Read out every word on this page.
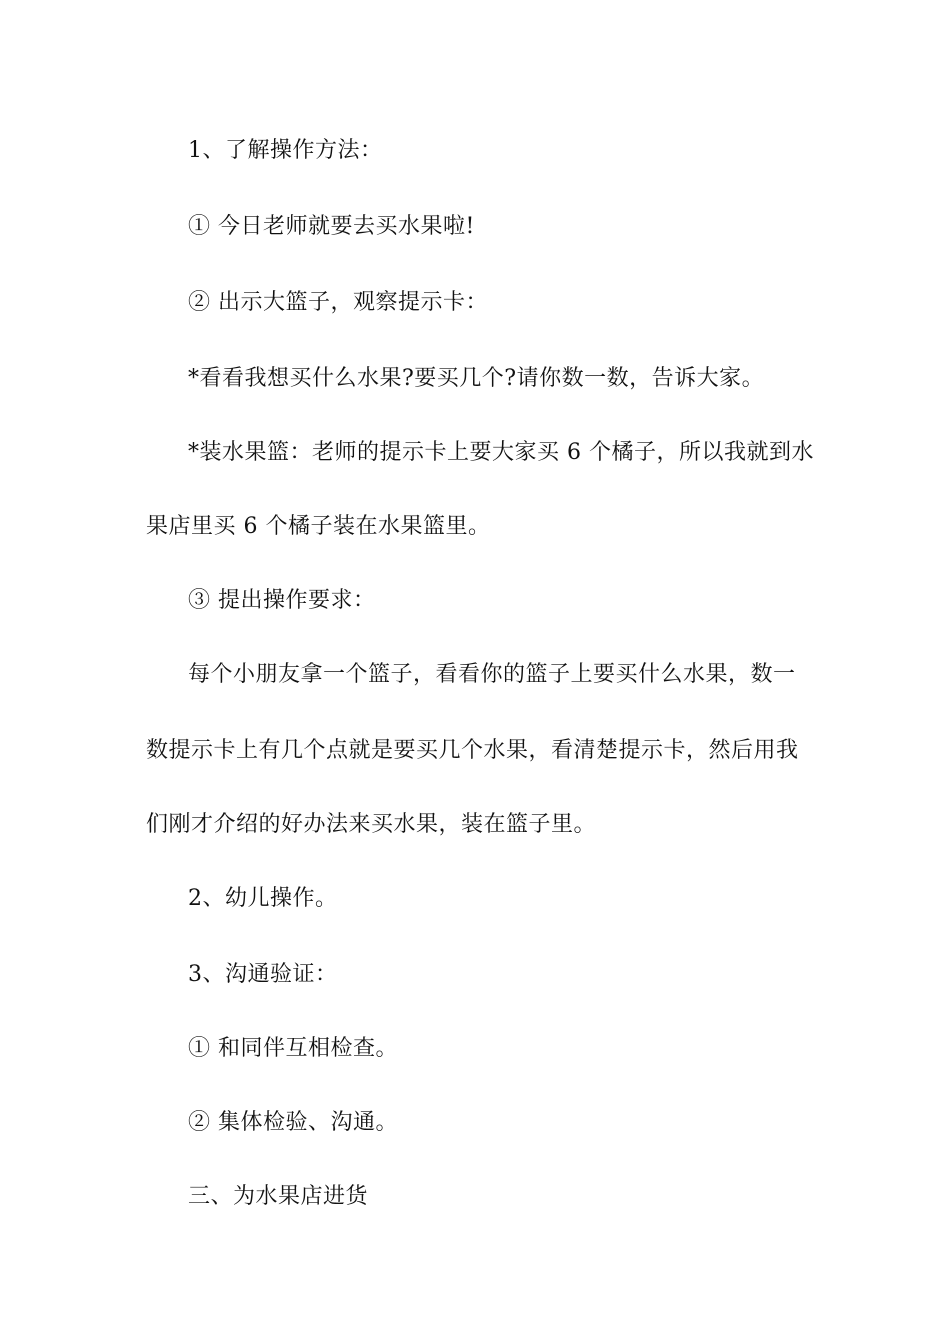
1、了解操作方法：
① 今日老师就要去买水果啦!
② 出示大篮子，观察提示卡：
*看看我想买什么水果?要买几个?请你数一数，告诉大家。
*装水果篮：老师的提示卡上要大家买 6 个橘子，所以我就到水
果店里买 6 个橘子装在水果篮里。
③ 提出操作要求：
每个小朋友拿一个篮子，看看你的篮子上要买什么水果，数一
数提示卡上有几个点就是要买几个水果，看清楚提示卡，然后用我
们刚才介绍的好办法来买水果，装在篮子里。
2、幼儿操作。
3、沟通验证：
① 和同伴互相检查。
② 集体检验、沟通。
三、为水果店进货
